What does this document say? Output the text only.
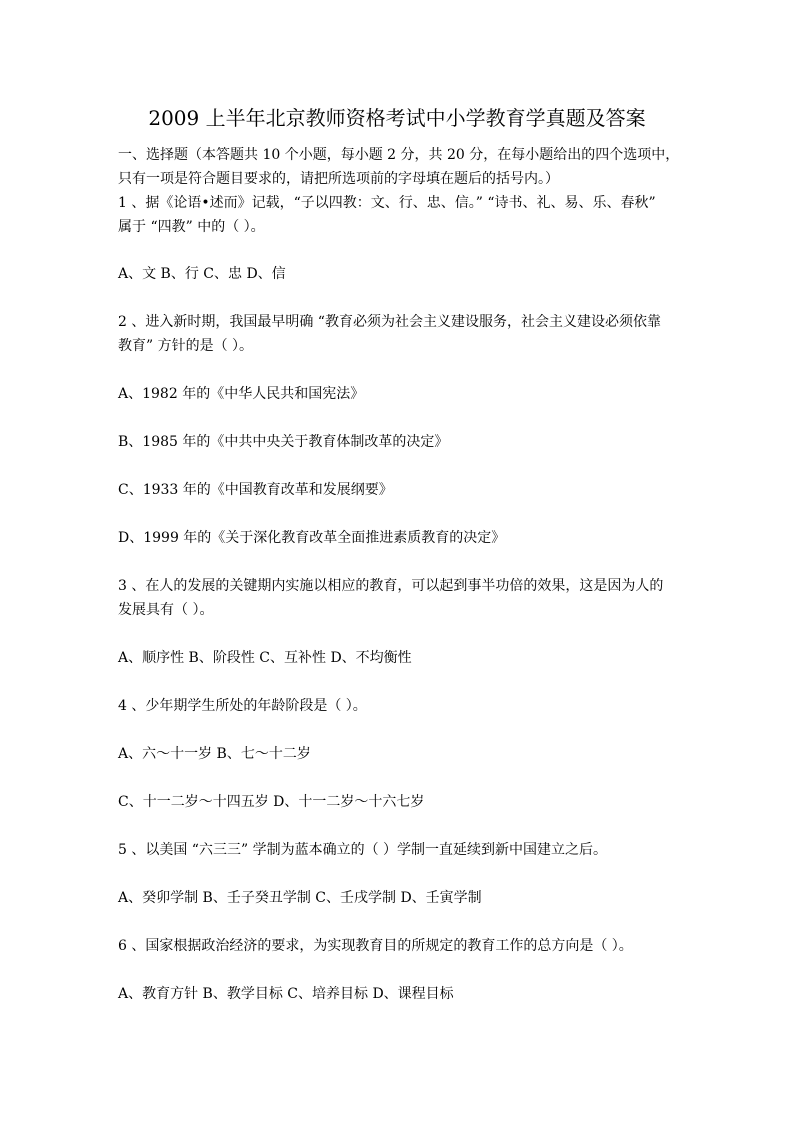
2009 上半年北京教师资格考试中小学教育学真题及答案
一、选择题（本答题共 10 个小题，每小题 2 分，共 20 分，在每小题给出的四个选项中，
只有一项是符合题目要求的，请把所选项前的字母填在题后的括号内。）
1 、据《论语•述而》记载，“子以四教：文、行、忠、信。” “诗书、礼、易、乐、春秋”
属于 “四教” 中的（ ）。
A、文 B、行 C、忠 D、信
2 、进入新时期，我国最早明确 “教育必须为社会主义建设服务，社会主义建设必须依靠
教育” 方针的是（ ）。
A、1982 年的《中华人民共和国宪法》
B、1985 年的《中共中央关于教育体制改革的决定》
C、1933 年的《中国教育改革和发展纲要》
D、1999 年的《关于深化教育改革全面推进素质教育的决定》
3 、在人的发展的关键期内实施以相应的教育，可以起到事半功倍的效果，这是因为人的
发展具有（ ）。
A、顺序性 B、阶段性 C、互补性 D、不均衡性
4 、少年期学生所处的年龄阶段是（ ）。
A、六～十一岁 B、七～十二岁
C、十一二岁～十四五岁 D、十一二岁～十六七岁
5 、以美国 “六三三” 学制为蓝本确立的（ ）学制一直延续到新中国建立之后。
A、癸卯学制 B、壬子癸丑学制 C、壬戌学制 D、壬寅学制
6 、国家根据政治经济的要求，为实现教育目的所规定的教育工作的总方向是（ ）。
A、教育方针 B、教学目标 C、培养目标 D、课程目标
